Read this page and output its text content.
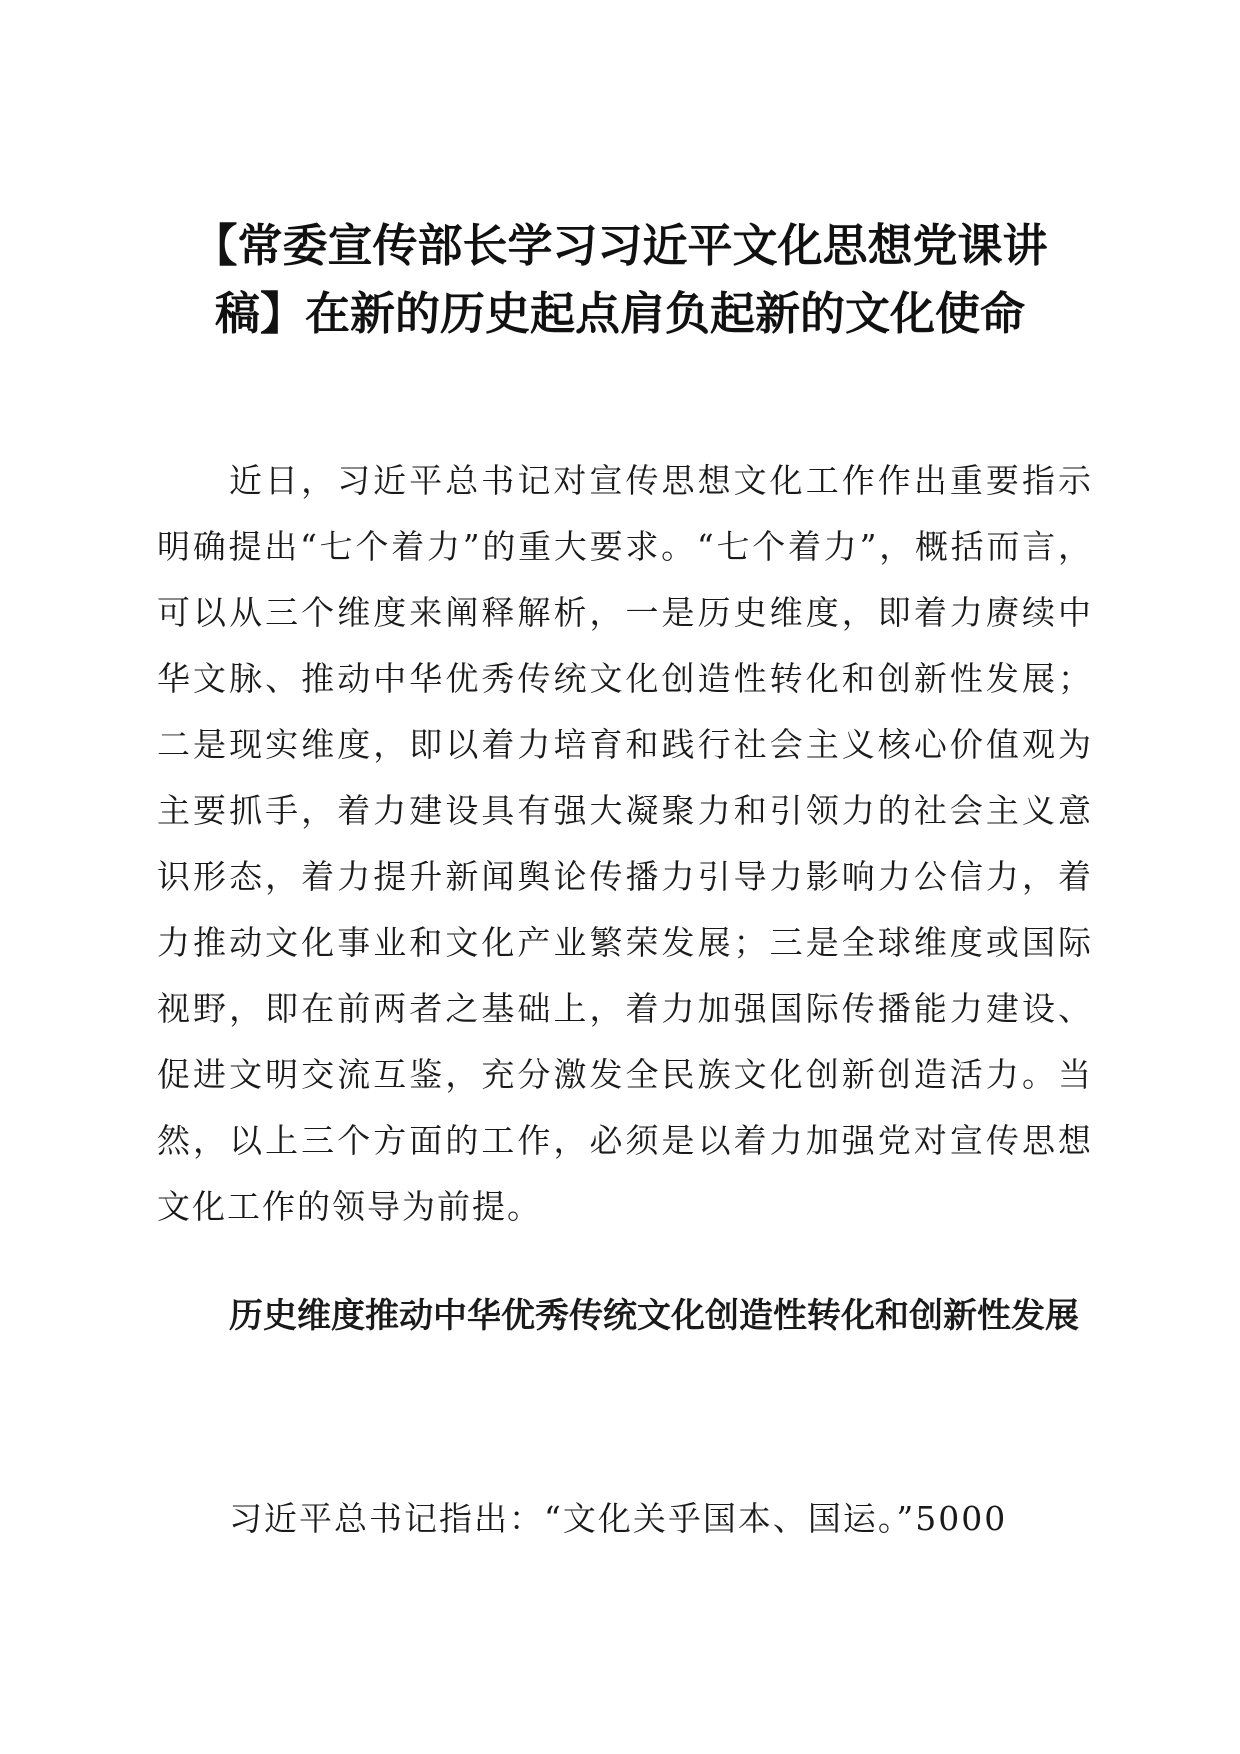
【常委宣传部长学习习近平文化思想党课讲稿】在新的历史起点肩负起新的文化使命

近日，习近平总书记对宣传思想文化工作作出重要指示明确提出“七个着力”的重大要求。“七个着力”，概括而言，可以从三个维度来阐释解析，一是历史维度，即着力赓续中华文脉、推动中华优秀传统文化创造性转化和创新性发展；二是现实维度，即以着力培育和践行社会主义核心价值观为主要抓手，着力建设具有强大凝聚力和引领力的社会主义意识形态，着力提升新闻舆论传播力引导力影响力公信力，着力推动文化事业和文化产业繁荣发展；三是全球维度或国际视野，即在前两者之基础上，着力加强国际传播能力建设、促进文明交流互鉴，充分激发全民族文化创新创造活力。当然，以上三个方面的工作，必须是以着力加强党对宣传思想文化工作的领导为前提。

历史维度推动中华优秀传统文化创造性转化和创新性发展

习近平总书记指出：“文化关乎国本、国运。”5000
